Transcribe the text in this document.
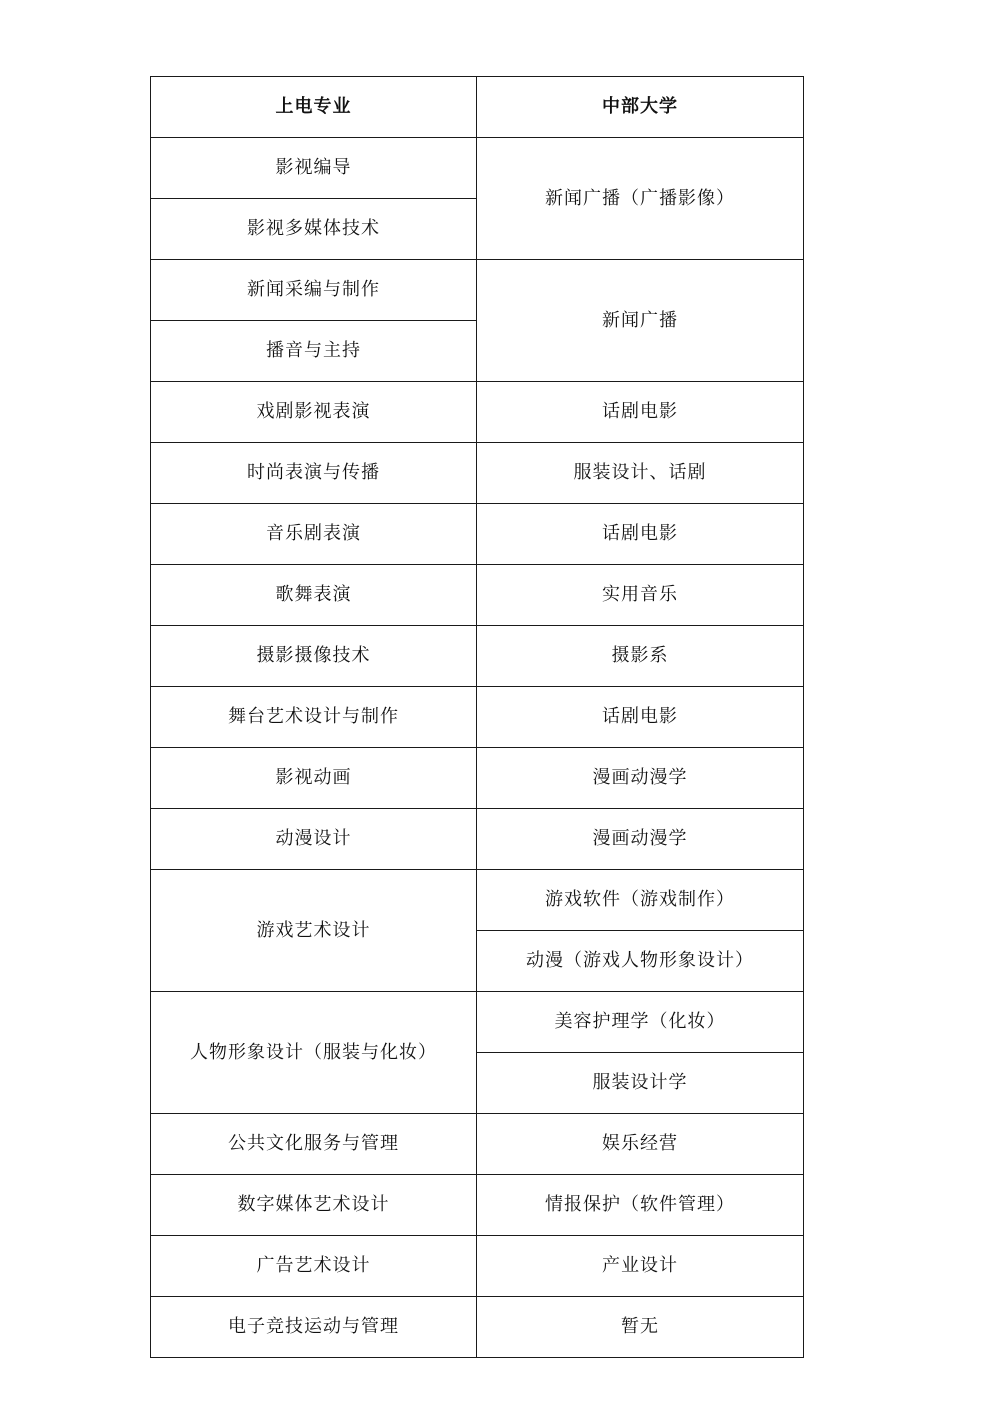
上电专业	中部大学
影视编导	新闻广播（广播影像）
影视多媒体技术	
新闻采编与制作	新闻广播
播音与主持	
戏剧影视表演	话剧电影
时尚表演与传播	服装设计、话剧
音乐剧表演	话剧电影
歌舞表演	实用音乐
摄影摄像技术	摄影系
舞台艺术设计与制作	话剧电影
影视动画	漫画动漫学
动漫设计	漫画动漫学
游戏艺术设计	游戏软件（游戏制作）
	动漫（游戏人物形象设计）
人物形象设计（服装与化妆）	美容护理学（化妆）
	服装设计学
公共文化服务与管理	娱乐经营
数字媒体艺术设计	情报保护（软件管理）
广告艺术设计	产业设计
电子竞技运动与管理	暂无
